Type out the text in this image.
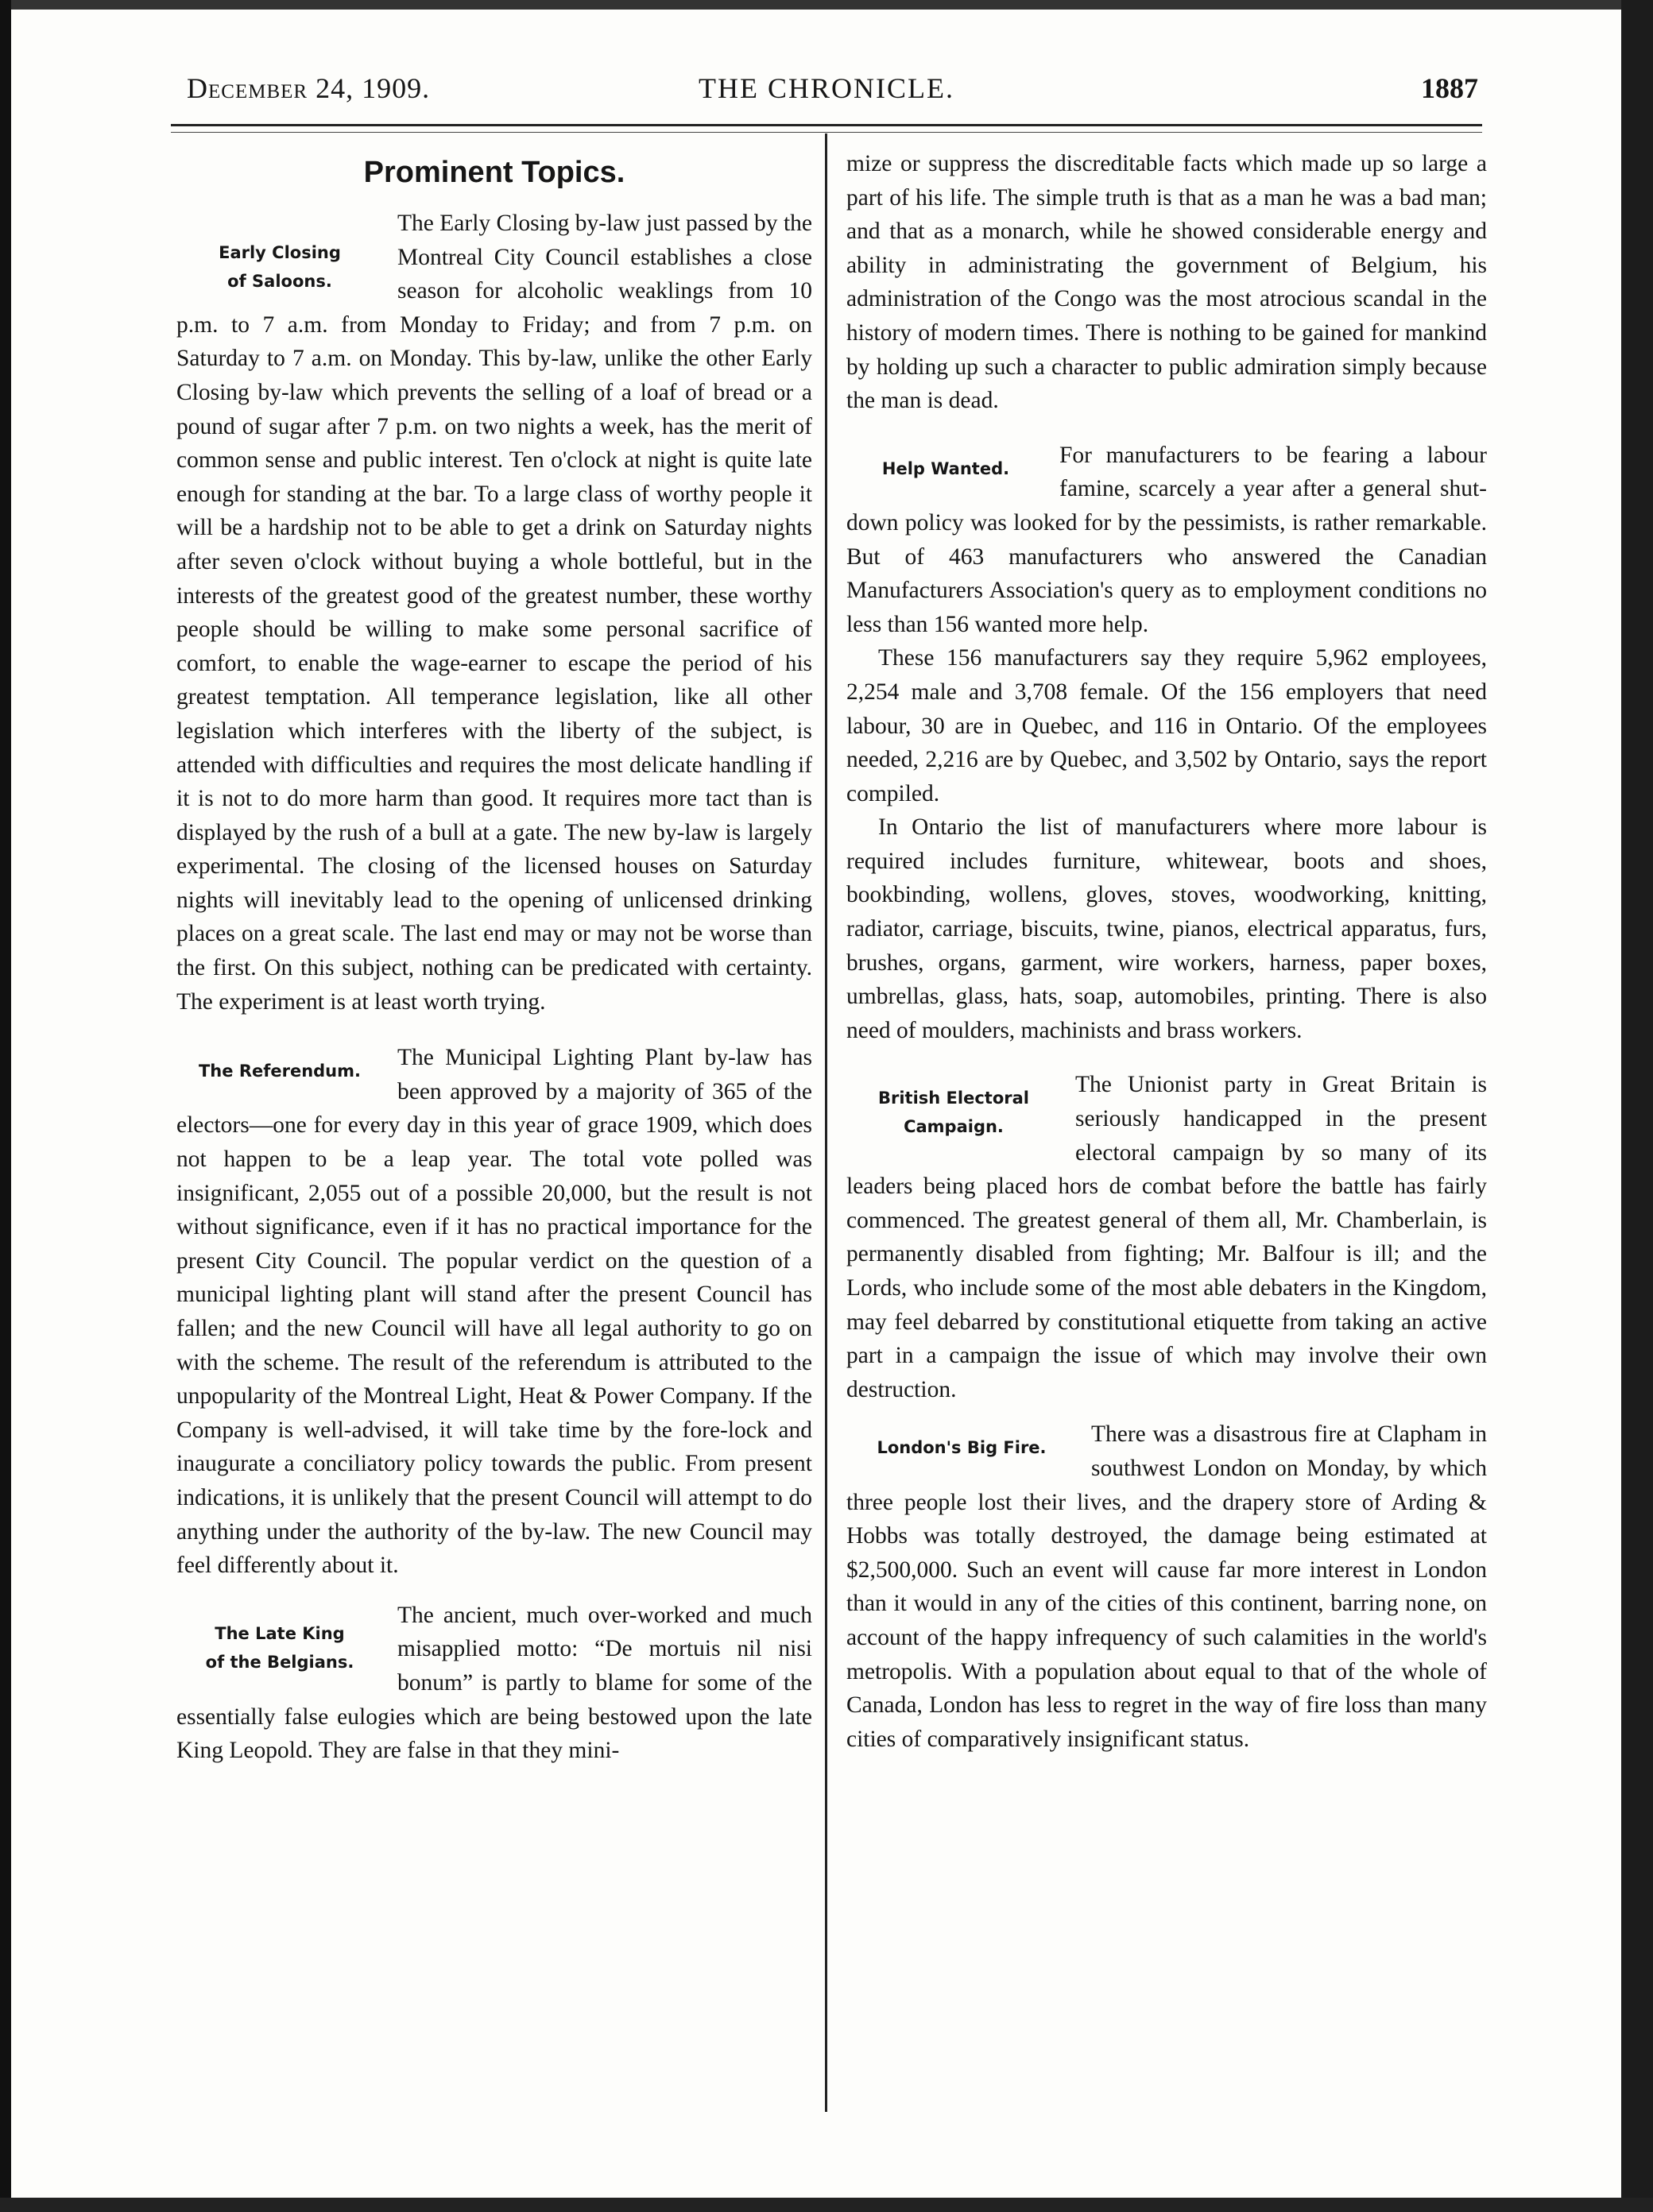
THE CHRONICLE.
December 24, 1909.	1887
Prominent Topics.
Early Closing
of Saloons.

The Early Closing by-law just passed by the Montreal City Council establishes a close season for alcoholic weaklings from 10 p.m. to 7 a.m. from Monday to Friday; and from 7 p.m. on Saturday to 7 a.m. on Monday. This by-law, unlike the other Early Closing by-law which prevents the selling of a loaf of bread or a pound of sugar after 7 p.m. on two nights a week, has the merit of common sense and public interest. Ten o'clock at night is quite late enough for standing at the bar. To a large class of worthy people it will be a hardship not to be able to get a drink on Saturday nights after seven o'clock without buying a whole bottleful, but in the interests of the greatest good of the greatest number, these worthy people should be willing to make some personal sacrifice of comfort, to enable the wage-earner to escape the period of his greatest temptation. All temperance legislation, like all other legislation which interferes with the liberty of the subject, is attended with difficulties and requires the most delicate handling if it is not to do more harm than good. It requires more tact than is displayed by the rush of a bull at a gate. The new by-law is largely experimental. The closing of the licensed houses on Saturday nights will inevitably lead to the opening of unlicensed drinking places on a great scale. The last end may or may not be worse than the first. On this subject, nothing can be predicated with certainty. The experiment is at least worth trying.

The Referendum.

The Municipal Lighting Plant by-law has been approved by a majority of 365 of the electors—one for every day in this year of grace 1909, which does not happen to be a leap year. The total vote polled was insignificant, 2,055 out of a possible 20,000, but the result is not without significance, even if it has no practical importance for the present City Council. The popular verdict on the question of a municipal lighting plant will stand after the present Council has fallen; and the new Council will have all legal authority to go on with the scheme. The result of the referendum is attributed to the unpopularity of the Montreal Light, Heat & Power Company. If the Company is well-advised, it will take time by the fore-lock and inaugurate a conciliatory policy towards the public. From present indications, it is unlikely that the present Council will attempt to do anything under the authority of the by-law. The new Council may feel differently about it.

The Late King
of the Belgians.

The ancient, much over-worked and much misapplied motto: “De mortuis nil nisi bonum” is partly to blame for some of the essentially false eulogies which are being bestowed upon the late King Leopold. They are false in that they mini-

mize or suppress the discreditable facts which made up so large a part of his life. The simple truth is that as a man he was a bad man; and that as a monarch, while he showed considerable energy and ability in administrating the government of Belgium, his administration of the Congo was the most atrocious scandal in the history of modern times. There is nothing to be gained for mankind by holding up such a character to public admiration simply because the man is dead.

Help Wanted.

For manufacturers to be fearing a labour famine, scarcely a year after a general shut-down policy was looked for by the pessimists, is rather remarkable. But of 463 manufacturers who answered the Canadian Manufacturers Association's query as to employment conditions no less than 156 wanted more help.

These 156 manufacturers say they require 5,962 employees, 2,254 male and 3,708 female. Of the 156 employers that need labour, 30 are in Quebec, and 116 in Ontario. Of the employees needed, 2,216 are by Quebec, and 3,502 by Ontario, says the report compiled.

In Ontario the list of manufacturers where more labour is required includes furniture, whitewear, boots and shoes, bookbinding, wollens, gloves, stoves, woodworking, knitting, radiator, carriage, biscuits, twine, pianos, electrical apparatus, furs, brushes, organs, garment, wire workers, harness, paper boxes, umbrellas, glass, hats, soap, automobiles, printing. There is also need of moulders, machinists and brass workers.

British Electoral
Campaign.

The Unionist party in Great Britain is seriously handicapped in the present electoral campaign by so many of its leaders being placed hors de combat before the battle has fairly commenced. The greatest general of them all, Mr. Chamberlain, is permanently disabled from fighting; Mr. Balfour is ill; and the Lords, who include some of the most able debaters in the Kingdom, may feel debarred by constitutional etiquette from taking an active part in a campaign the issue of which may involve their own destruction.

London's Big Fire.

There was a disastrous fire at Clapham in southwest London on Monday, by which three people lost their lives, and the drapery store of Arding & Hobbs was totally destroyed, the damage being estimated at $2,500,000. Such an event will cause far more interest in London than it would in any of the cities of this continent, barring none, on account of the happy infrequency of such calamities in the world's metropolis. With a population about equal to that of the whole of Canada, London has less to regret in the way of fire loss than many cities of comparatively insignificant status.
